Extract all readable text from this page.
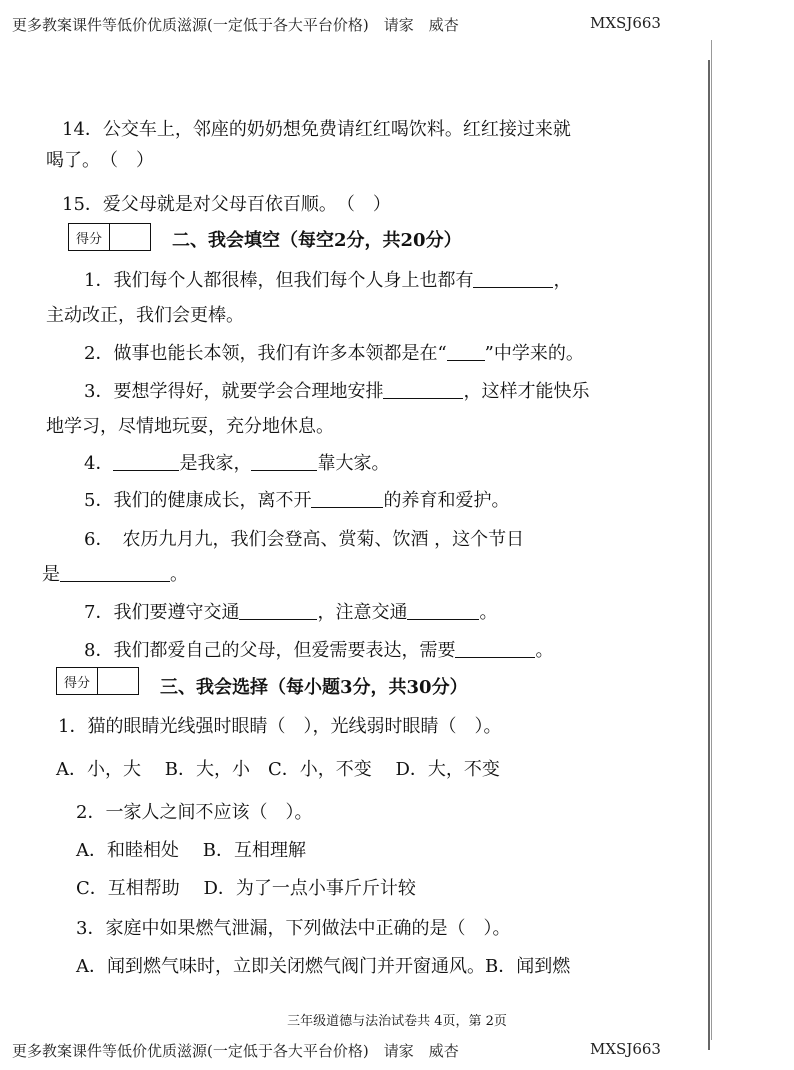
更多教案课件等低价优质滋源(一定低于各大平台价格)　请家　威杏	MXSJ663
14．公交车上，邻座的奶奶想免费请红红喝饮料。红红接过来就
喝了。　（　）
15．爱父母就是对父母百依百顺。　（　）
得分	二、我会填空（每空2分，共20分）
1．我们每个人都很棒，但我们每个人身上也都有	，
主动改正，我们会更棒。
2．做事也能长本领，我们有许多本领都是在“ ”中学来的。
3．要想学得好，就要学会合理地安排	，这样才能快乐
地学习，尽情地玩耍，充分地休息。
4．	是我家，	靠大家。
5．我们的健康成长，离不开	的养育和爱护。
6．　农历九月九，我们会登高、赏菊、饮酒 ，这个节日
是	。
7．我们要遵守交通	，注意交通	。
8．我们都爱自己的父母，但爱需要表达，需要	。
得分	三、我会选择（每小题3分，共30分）
1．猫的眼睛光线强时眼睛（　），光线弱时眼睛（　）。
A．小，大　 B．大，小　C．小，不变　 D．大，不变
2．一家人之间不应该（　）。
A．和睦相处　 B．互相理解
C．互相帮助　 D．为了一点小事斤斤计较
3．家庭中如果燃气泄漏，下列做法中正确的是（　）。
A．闻到燃气味时，立即关闭燃气阀门并开窗通风。B．闻到燃
三年级道德与法治试卷共 4页，第 2页
更多教案课件等低价优质滋源(一定低于各大平台价格)　请家　威杏	MXSJ663
